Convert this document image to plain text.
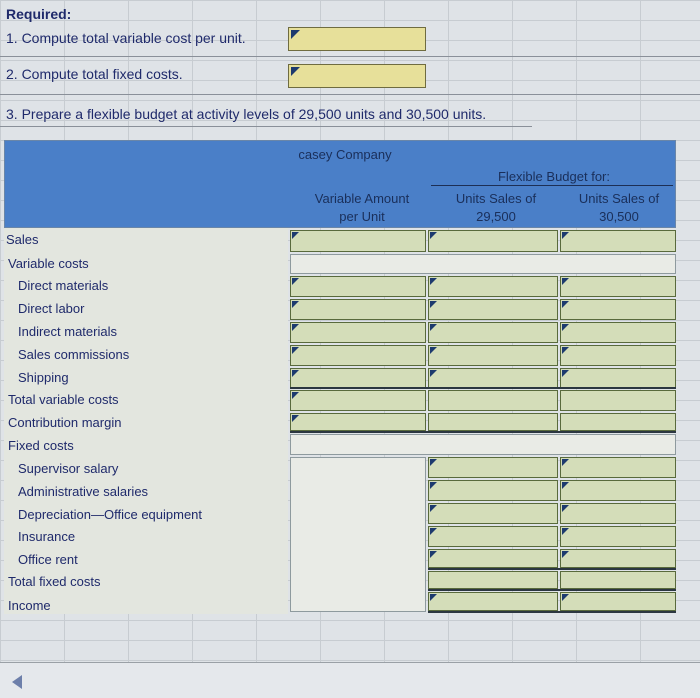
Required:
1. Compute total variable cost per unit.
2. Compute total fixed costs.
3. Prepare a flexible budget at activity levels of 29,500 units and 30,500 units.
casey Company
Flexible Budget for:
Variable Amount
per Unit
Units Sales of
29,500
Units Sales of
30,500
Sales
Variable costs
Direct materials
Direct labor
Indirect materials
Sales commissions
Shipping
Total variable costs
Contribution margin
Fixed costs
Supervisor salary
Administrative salaries
Depreciation—Office equipment
Insurance
Office rent
Total fixed costs
Income
